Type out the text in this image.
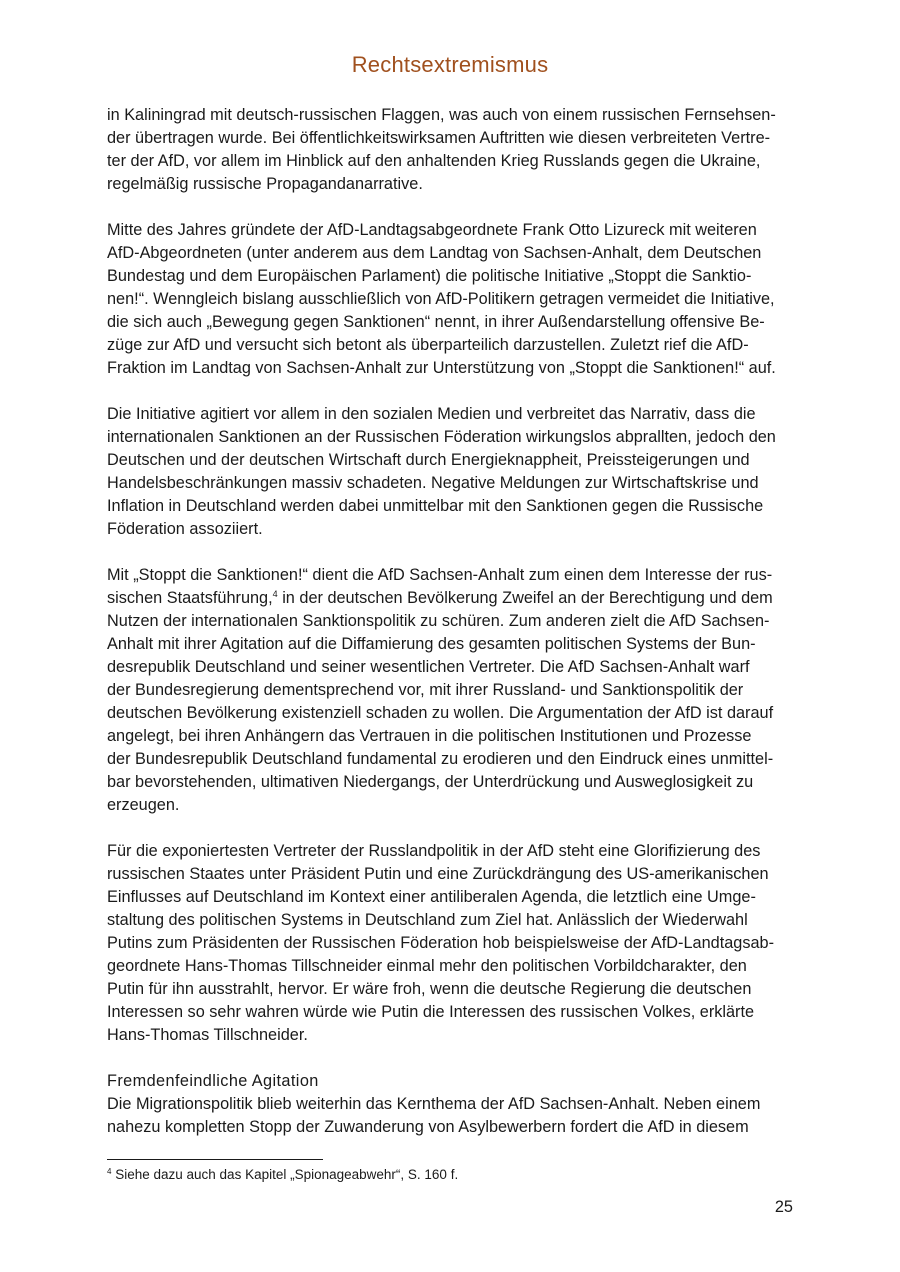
Rechtsextremismus

in Kaliningrad mit deutsch-russischen Flaggen, was auch von einem russischen Fernsehsen-

der übertragen wurde. Bei öffentlichkeitswirksamen Auftritten wie diesen verbreiteten Vertre-

ter der AfD, vor allem im Hinblick auf den anhaltenden Krieg Russlands gegen die Ukraine,

regelmäßig russische Propagandanarrative.

Mitte des Jahres gründete der AfD-Landtagsabgeordnete Frank Otto Lizureck mit weiteren

AfD-Abgeordneten (unter anderem aus dem Landtag von Sachsen-Anhalt, dem Deutschen

Bundestag und dem Europäischen Parlament) die politische Initiative „Stoppt die Sanktio-

nen!“. Wenngleich bislang ausschließlich von AfD-Politikern getragen vermeidet die Initiative,

die sich auch „Bewegung gegen Sanktionen“ nennt, in ihrer Außendarstellung offensive Be-

züge zur AfD und versucht sich betont als überparteilich darzustellen. Zuletzt rief die AfD-

Fraktion im Landtag von Sachsen-Anhalt zur Unterstützung von „Stoppt die Sanktionen!“ auf.

Die Initiative agitiert vor allem in den sozialen Medien und verbreitet das Narrativ, dass die

internationalen Sanktionen an der Russischen Föderation wirkungslos abprallten, jedoch den

Deutschen und der deutschen Wirtschaft durch Energieknappheit, Preissteigerungen und

Handelsbeschränkungen massiv schadeten. Negative Meldungen zur Wirtschaftskrise und

Inflation in Deutschland werden dabei unmittelbar mit den Sanktionen gegen die Russische

Föderation assoziiert.

Mit „Stoppt die Sanktionen!“ dient die AfD Sachsen-Anhalt zum einen dem Interesse der rus-

sischen Staatsführung,$^4$ in der deutschen Bevölkerung Zweifel an der Berechtigung und dem

Nutzen der internationalen Sanktionspolitik zu schüren. Zum anderen zielt die AfD Sachsen-

Anhalt mit ihrer Agitation auf die Diffamierung des gesamten politischen Systems der Bun-

desrepublik Deutschland und seiner wesentlichen Vertreter. Die AfD Sachsen-Anhalt warf

der Bundesregierung dementsprechend vor, mit ihrer Russland- und Sanktionspolitik der

deutschen Bevölkerung existenziell schaden zu wollen. Die Argumentation der AfD ist darauf

angelegt, bei ihren Anhängern das Vertrauen in die politischen Institutionen und Prozesse

der Bundesrepublik Deutschland fundamental zu erodieren und den Eindruck eines unmittel-

bar bevorstehenden, ultimativen Niedergangs, der Unterdrückung und Ausweglosigkeit zu

erzeugen.

Für die exponiertesten Vertreter der Russlandpolitik in der AfD steht eine Glorifizierung des

russischen Staates unter Präsident Putin und eine Zurückdrängung des US-amerikanischen

Einflusses auf Deutschland im Kontext einer antiliberalen Agenda, die letztlich eine Umge-

staltung des politischen Systems in Deutschland zum Ziel hat. Anlässlich der Wiederwahl

Putins zum Präsidenten der Russischen Föderation hob beispielsweise der AfD-Landtagsab-

geordnete Hans-Thomas Tillschneider einmal mehr den politischen Vorbildcharakter, den

Putin für ihn ausstrahlt, hervor. Er wäre froh, wenn die deutsche Regierung die deutschen

Interessen so sehr wahren würde wie Putin die Interessen des russischen Volkes, erklärte

Hans-Thomas Tillschneider.

Fremdenfeindliche Agitation

Die Migrationspolitik blieb weiterhin das Kernthema der AfD Sachsen-Anhalt. Neben einem

nahezu kompletten Stopp der Zuwanderung von Asylbewerbern fordert die AfD in diesem

$^4$ Siehe dazu auch das Kapitel „Spionageabwehr“, S. 160 f.
25
